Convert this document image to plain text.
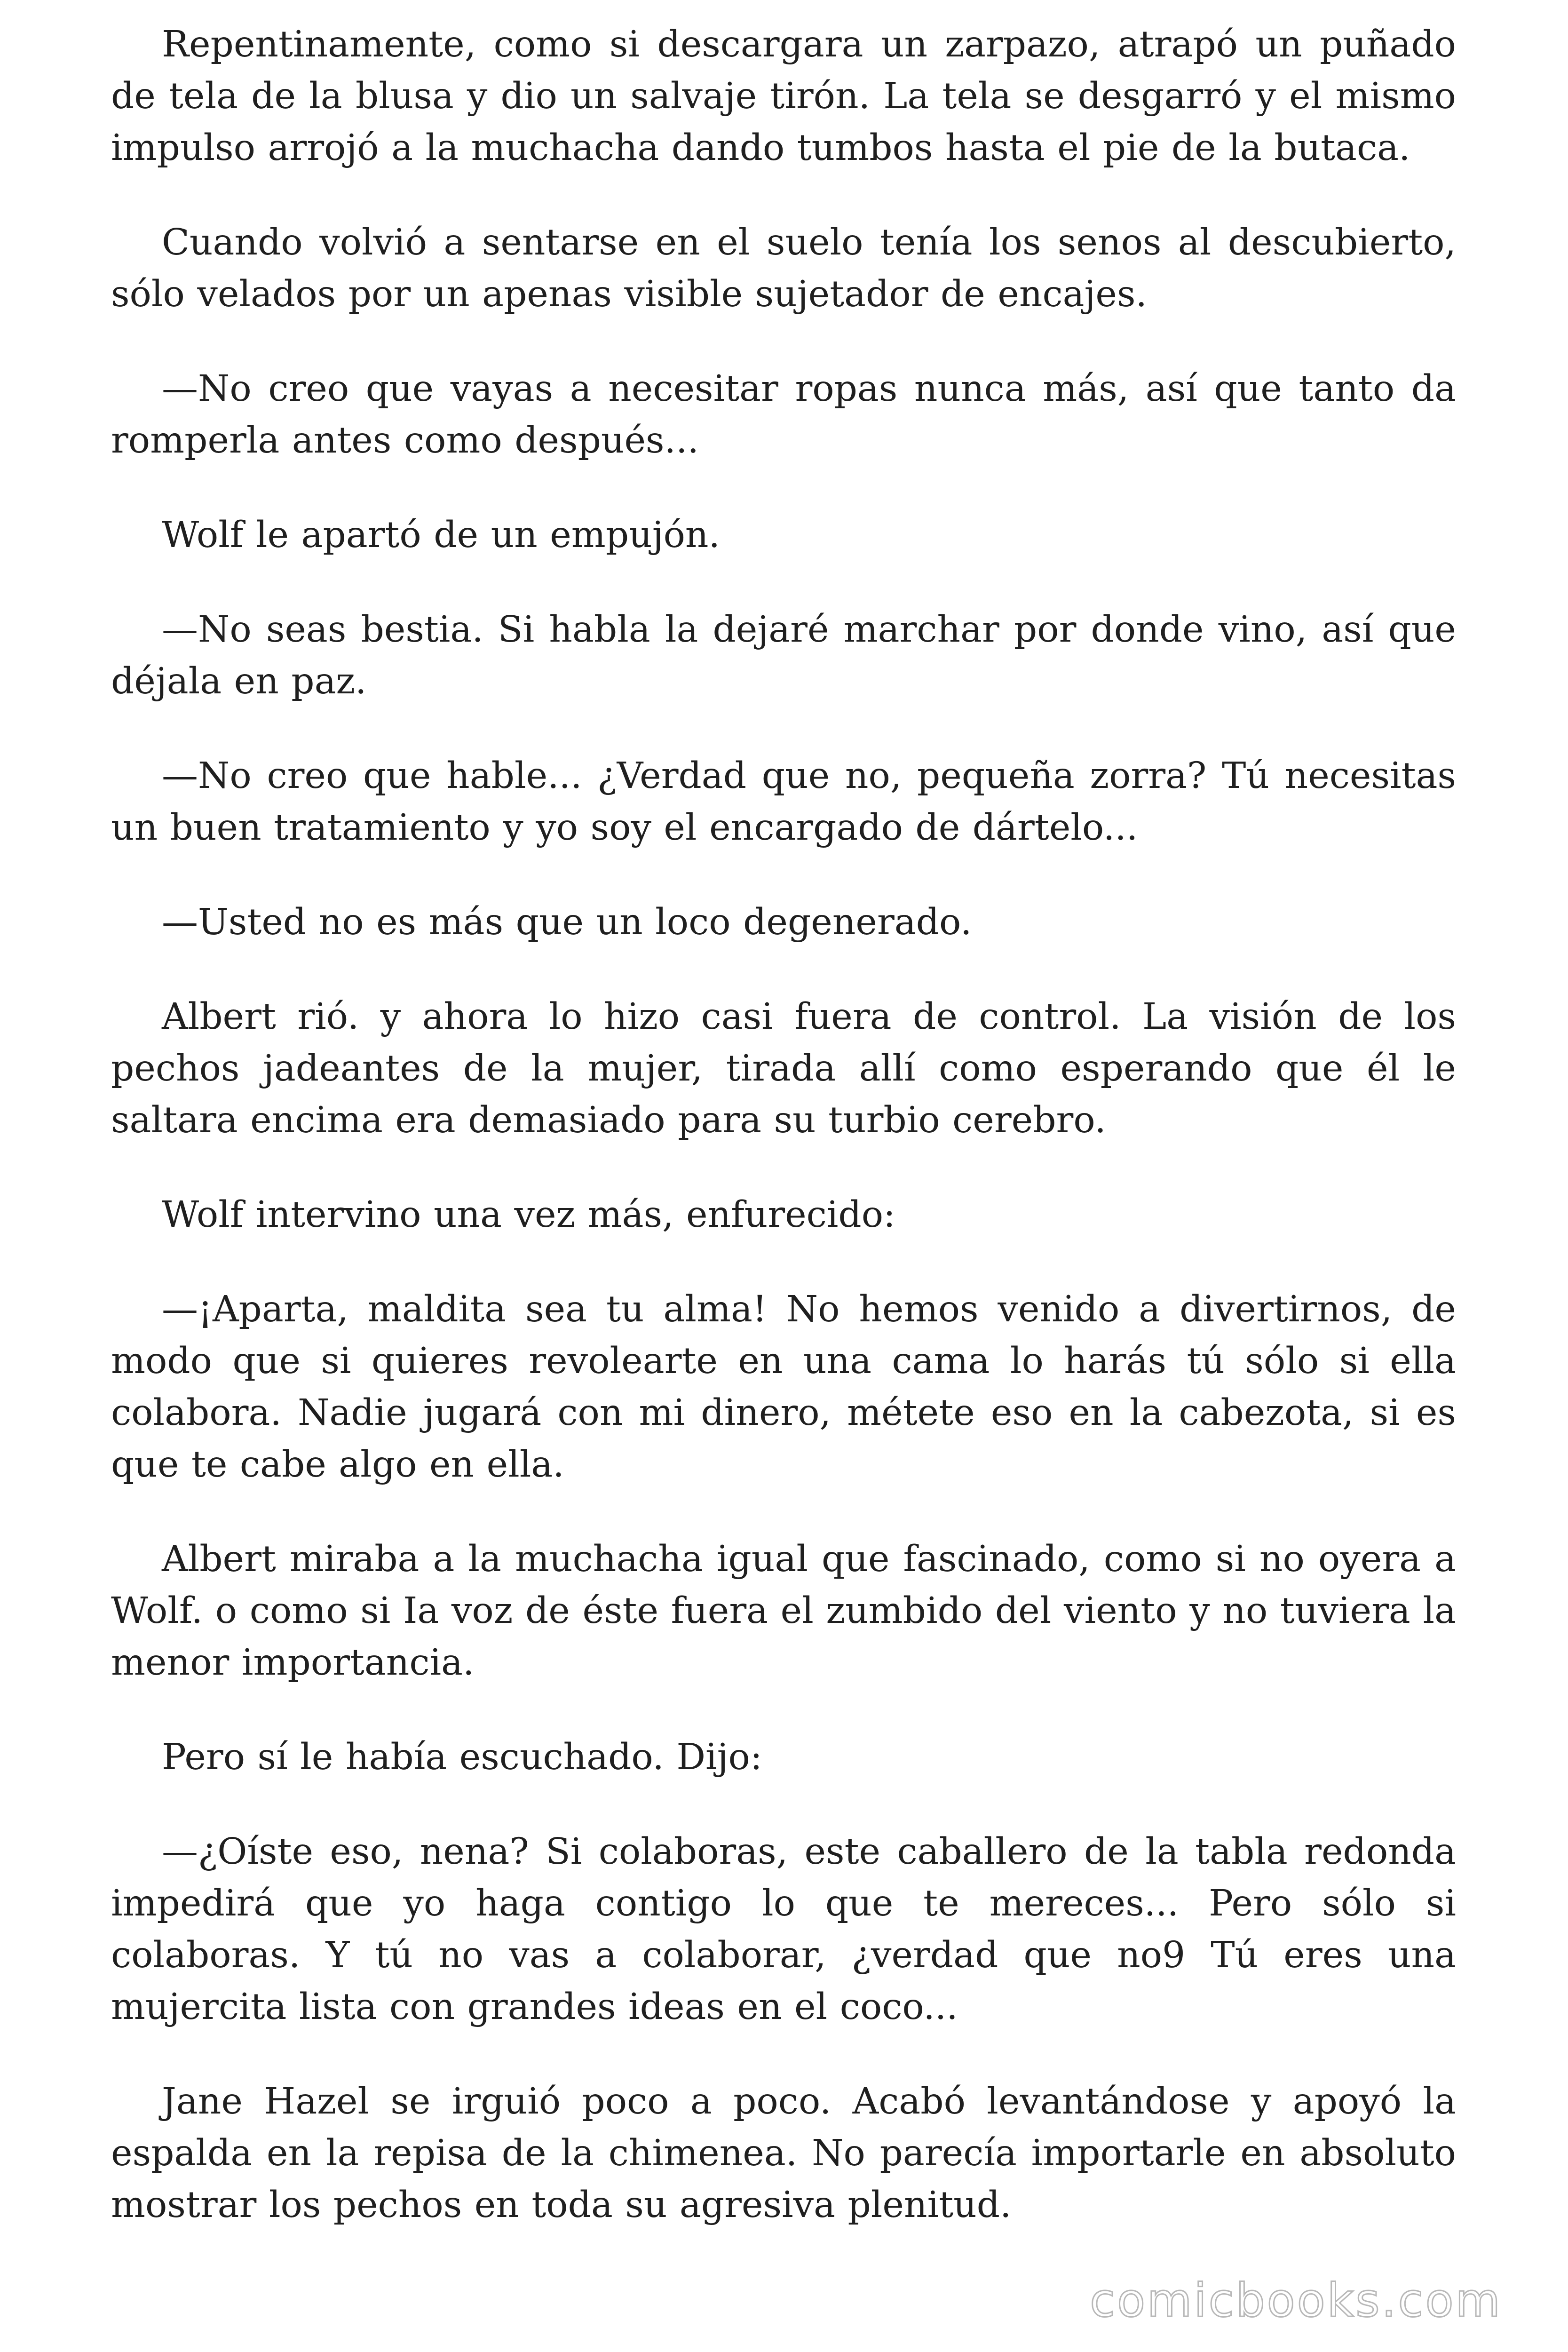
Repentinamente, como si descargara un zarpazo, atrapó un puñado de tela de la blusa y dio un salvaje tirón. La tela se desgarró y el mismo impulso arrojó a la muchacha dando tumbos hasta el pie de la butaca.

Cuando volvió a sentarse en el suelo tenía los senos al descubierto, sólo velados por un apenas visible sujetador de encajes.

—No creo que vayas a necesitar ropas nunca más, así que tanto da romperla antes como después...

Wolf le apartó de un empujón.

—No seas bestia. Si habla la dejaré marchar por donde vino, así que déjala en paz.

—No creo que hable... ¿Verdad que no, pequeña zorra? Tú necesitas un buen tratamiento y yo soy el encargado de dártelo...

—Usted no es más que un loco degenerado.

Albert rió. y ahora lo hizo casi fuera de control. La visión de los pechos jadeantes de la mujer, tirada allí como esperando que él le saltara encima era demasiado para su turbio cerebro.

Wolf intervino una vez más, enfurecido:

—¡Aparta, maldita sea tu alma! No hemos venido a divertirnos, de modo que si quieres revolearte en una cama lo harás tú sólo si ella colabora. Nadie jugará con mi dinero, métete eso en la cabezota, si es que te cabe algo en ella.

Albert miraba a la muchacha igual que fascinado, como si no oyera a Wolf. o como si Ia voz de éste fuera el zumbido del viento y no tuviera la menor importancia.

Pero sí le había escuchado. Dijo:

—¿Oíste eso, nena? Si colaboras, este caballero de la tabla redonda impedirá que yo haga contigo lo que te mereces... Pero sólo si colaboras. Y tú no vas a colaborar, ¿verdad que no9 Tú eres una mujercita lista con grandes ideas en el coco...

Jane Hazel se irguió poco a poco. Acabó levantándose y apoyó la espalda en la repisa de la chimenea. No parecía importarle en absoluto mostrar los pechos en toda su agresiva plenitud.

comicbooks.com
